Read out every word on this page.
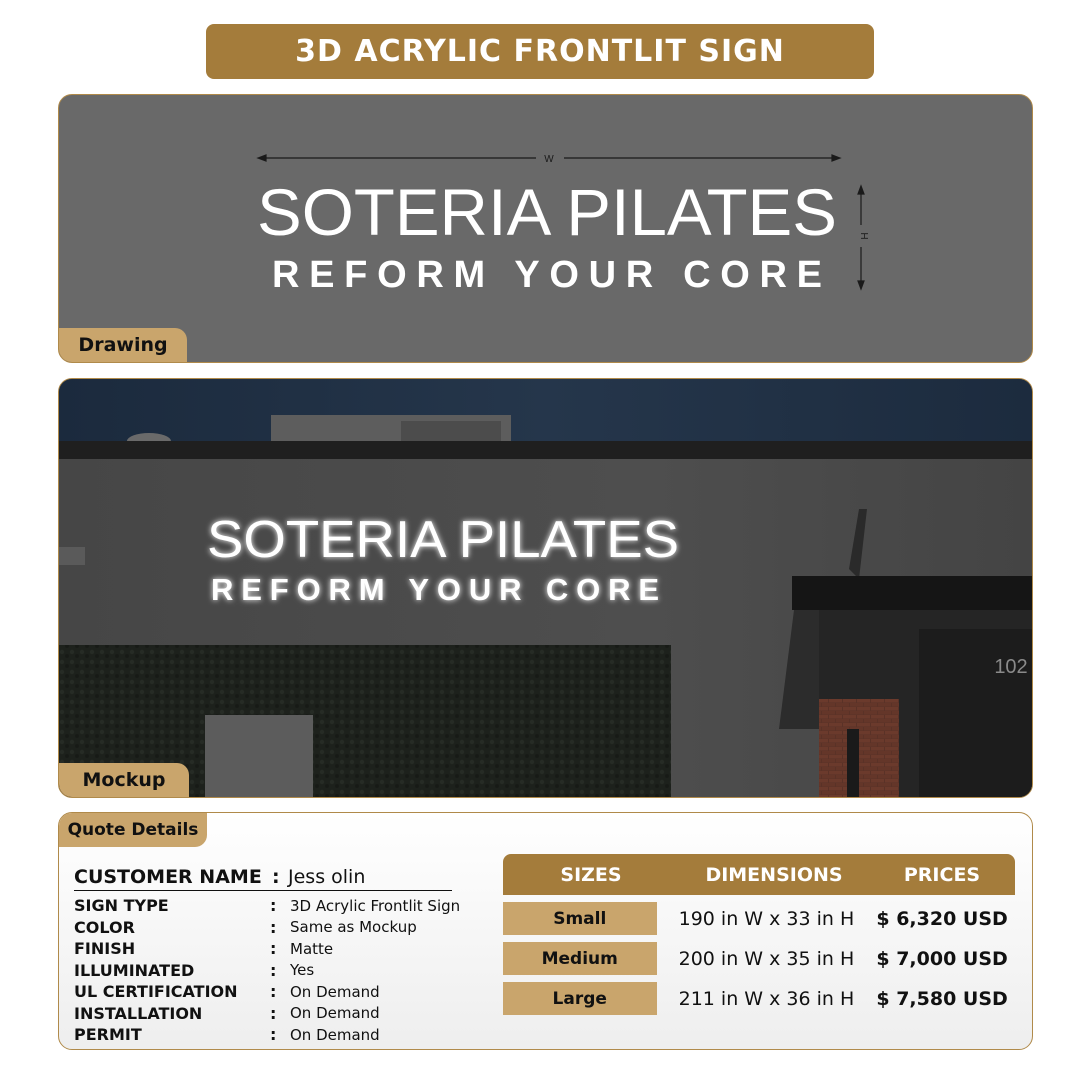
3D ACRYLIC FRONTLIT SIGN
W
H
SOTERIA PILATES
REFORM YOUR CORE
Drawing
102
SOTERIA PILATES
REFORM YOUR CORE
Mockup
Quote Details
CUSTOMER NAME : Jess olin
SIGN TYPE	: 3D Acrylic Frontlit Sign
COLOR	: Same as Mockup
FINISH	: Matte
ILLUMINATED	: Yes
UL CERTIFICATION	: On Demand
INSTALLATION	: On Demand
PERMIT	: On Demand
SIZES	DIMENSIONS	PRICES
Small	190 in W x 33 in H	$ 6,320 USD
Medium	200 in W x 35 in H	$ 7,000 USD
Large	211 in W x 36 in H	$ 7,580 USD
